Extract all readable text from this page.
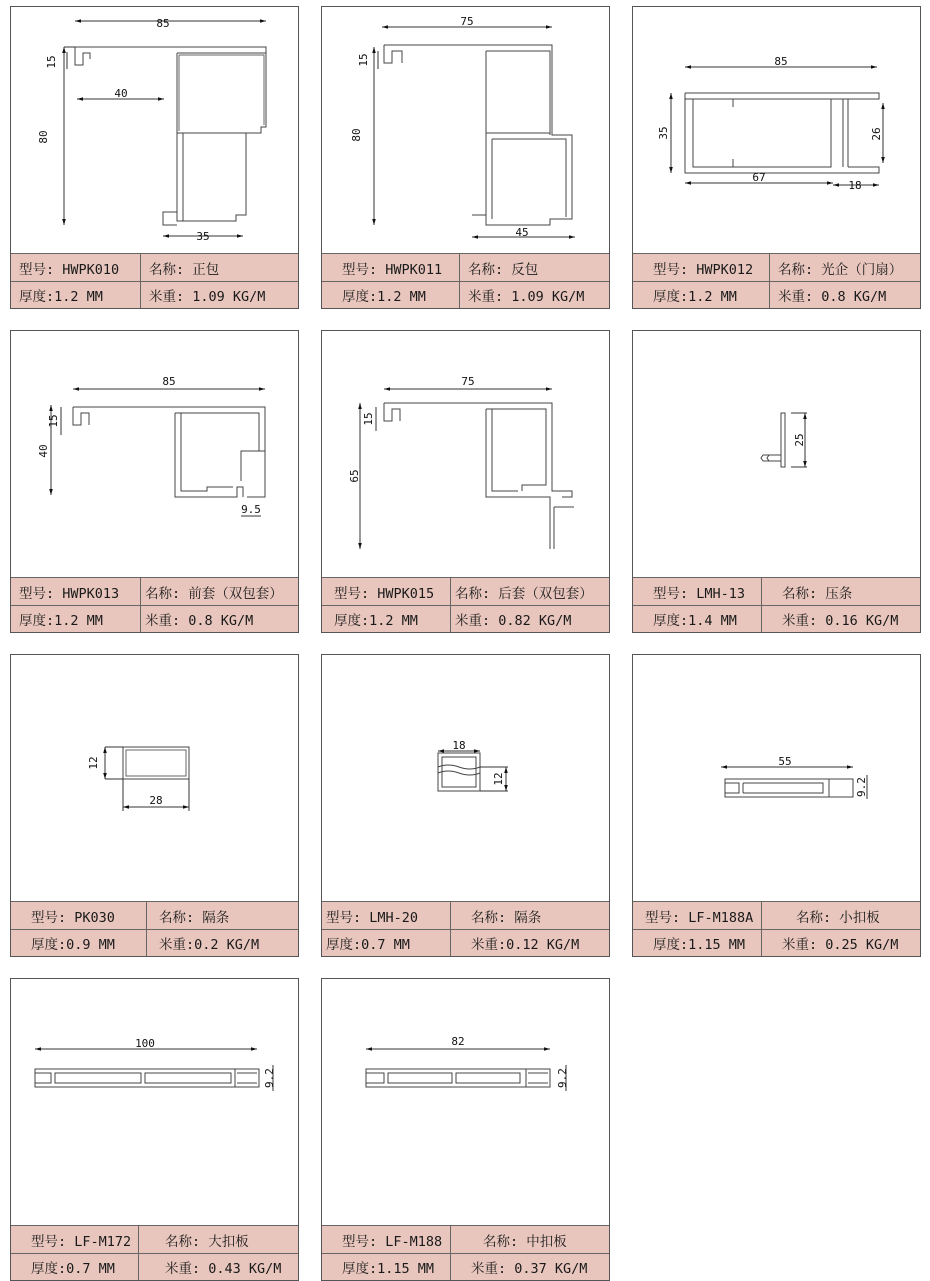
85
15
80
40
35
型号: HWPK010	名称: 正包
厚度:1.2 MM	米重: 1.09 KG/M
75
15
80
45
型号: HWPK011	名称: 反包
厚度:1.2 MM	米重: 1.09 KG/M
85
35	26
67
18
型号: HWPK012	名称: 光企（门扇）
厚度:1.2 MM	米重: 0.8 KG/M
85
15
40
9.5
型号: HWPK013	名称: 前套（双包套）
厚度:1.2 MM	米重: 0.8 KG/M
75
15
65
型号: HWPK015	名称: 后套（双包套）
厚度:1.2 MM	米重: 0.82 KG/M
25
型号: LMH-13	名称: 压条
厚度:1.4 MM	米重: 0.16 KG/M
12
28
型号: PK030	名称: 隔条
厚度:0.9 MM	米重:0.2 KG/M
18
12
型号: LMH-20	名称: 隔条
厚度:0.7 MM	米重:0.12 KG/M
55
9.2
型号: LF-M188A	名称: 小扣板
厚度:1.15 MM	米重: 0.25 KG/M
100
9.2
型号: LF-M172	名称: 大扣板
厚度:0.7 MM	米重: 0.43 KG/M
82
9.2
型号: LF-M188	名称: 中扣板
厚度:1.15 MM	米重: 0.37 KG/M
